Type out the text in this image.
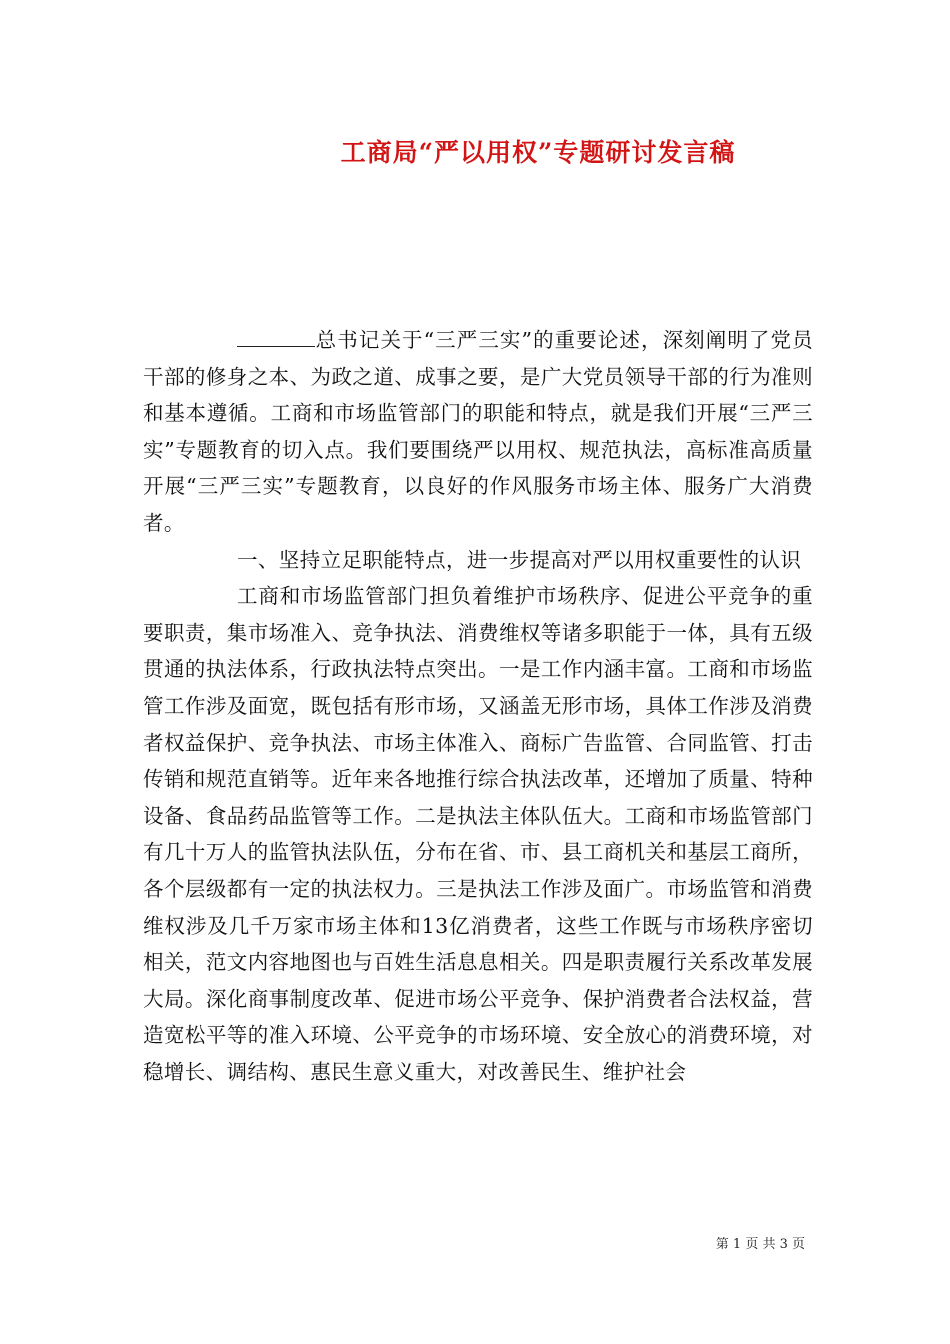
工商局“严以用权”专题研讨发言稿

总书记关于“三严三实”的重要论述，深刻阐明了党员干部的修身之本、为政之道、成事之要，是广大党员领导干部的行为准则和基本遵循。工商和市场监管部门的职能和特点，就是我们开展“三严三实”专题教育的切入点。我们要围绕严以用权、规范执法，高标准高质量开展“三严三实”专题教育，以良好的作风服务市场主体、服务广大消费者。

一、坚持立足职能特点，进一步提高对严以用权重要性的认识

工商和市场监管部门担负着维护市场秩序、促进公平竞争的重要职责，集市场准入、竞争执法、消费维权等诸多职能于一体，具有五级贯通的执法体系，行政执法特点突出。一是工作内涵丰富。工商和市场监管工作涉及面宽，既包括有形市场，又涵盖无形市场，具体工作涉及消费者权益保护、竞争执法、市场主体准入、商标广告监管、合同监管、打击传销和规范直销等。近年来各地推行综合执法改革，还增加了质量、特种设备、食品药品监管等工作。二是执法主体队伍大。工商和市场监管部门有几十万人的监管执法队伍，分布在省、市、县工商机关和基层工商所，各个层级都有一定的执法权力。三是执法工作涉及面广。市场监管和消费维权涉及几千万家市场主体和13亿消费者，这些工作既与市场秩序密切相关，范文内容地图也与百姓生活息息相关。四是职责履行关系改革发展大局。深化商事制度改革、促进市场公平竞争、保护消费者合法权益，营造宽松平等的准入环境、公平竞争的市场环境、安全放心的消费环境，对稳增长、调结构、惠民生意义重大，对改善民生、维护社会

第 1 页 共 3 页
